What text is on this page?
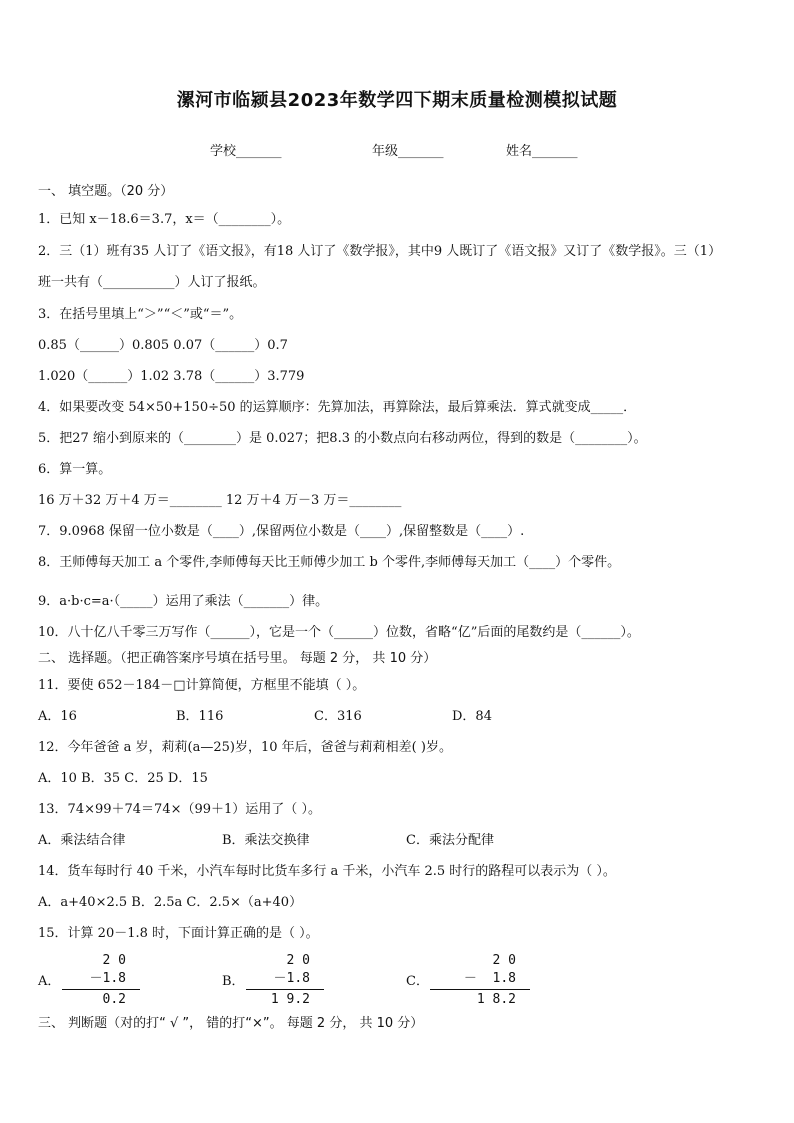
漯河市临颍县2023年数学四下期末质量检测模拟试题
学校_______	年级_______	姓名_______
一、 填空题。（20 分）
1．已知 x－18.6＝3.7，x＝（________）。
2．三（1）班有35 人订了《语文报》，有18 人订了《数学报》，其中9 人既订了《语文报》又订了《数学报》。三（1）
班一共有（___________）人订了报纸。
3．在括号里填上“＞”“＜”或“＝”。
0.85（______）0.805 0.07（______）0.7
1.020（______）1.02 3.78（______）3.779
4．如果要改变 54×50+150÷50 的运算顺序：先算加法，再算除法，最后算乘法．算式就变成_____．
5．把27 缩小到原来的（________）是 0.027；把8.3 的小数点向右移动两位，得到的数是（________）。
6．算一算。
16 万＋32 万＋4 万＝________ 12 万＋4 万－3 万＝________
7．9.0968 保留一位小数是（____）,保留两位小数是（____）,保留整数是（____）.
8．王师傅每天加工 a 个零件,李师傅每天比王师傅少加工 b 个零件,李师傅每天加工（____）个零件。
9．a·b·c=a·（_____）运用了乘法（_______）律。
10．八十亿八千零三万写作（______），它是一个（______）位数，省略“亿”后面的尾数约是（______）。
二、 选择题。（把正确答案序号填在括号里。 每题 2 分， 共 10 分）
11．要使 652－184－□计算简便，方框里不能填（ ）。
12．今年爸爸 a 岁，莉莉(a—25)岁，10 年后，爸爸与莉莉相差( )岁。
A．10 B．35 C．25 D．15
13．74×99＋74＝74×（99＋1）运用了（ ）。
14．货车每时行 40 千米，小汽车每时比货车多行 a 千米，小汽车 2.5 时行的路程可以表示为（ ）。
A．a+40×2.5 B．2.5a C．2.5×（a+40）
15．计算 20－1.8 时，下面计算正确的是（ ）。
三、 判断题（对的打“ √ ”， 错的打“×”。 每题 2 分， 共 10 分）
A．16	B．116	C．316	D．84
A．乘法结合律	B．乘法交换律	C．乘法分配律
A．
2 0
－1.8
0.2
B．
2 0
－1.8
1 9.2
C．
2 0
－  1.8
1 8.2
